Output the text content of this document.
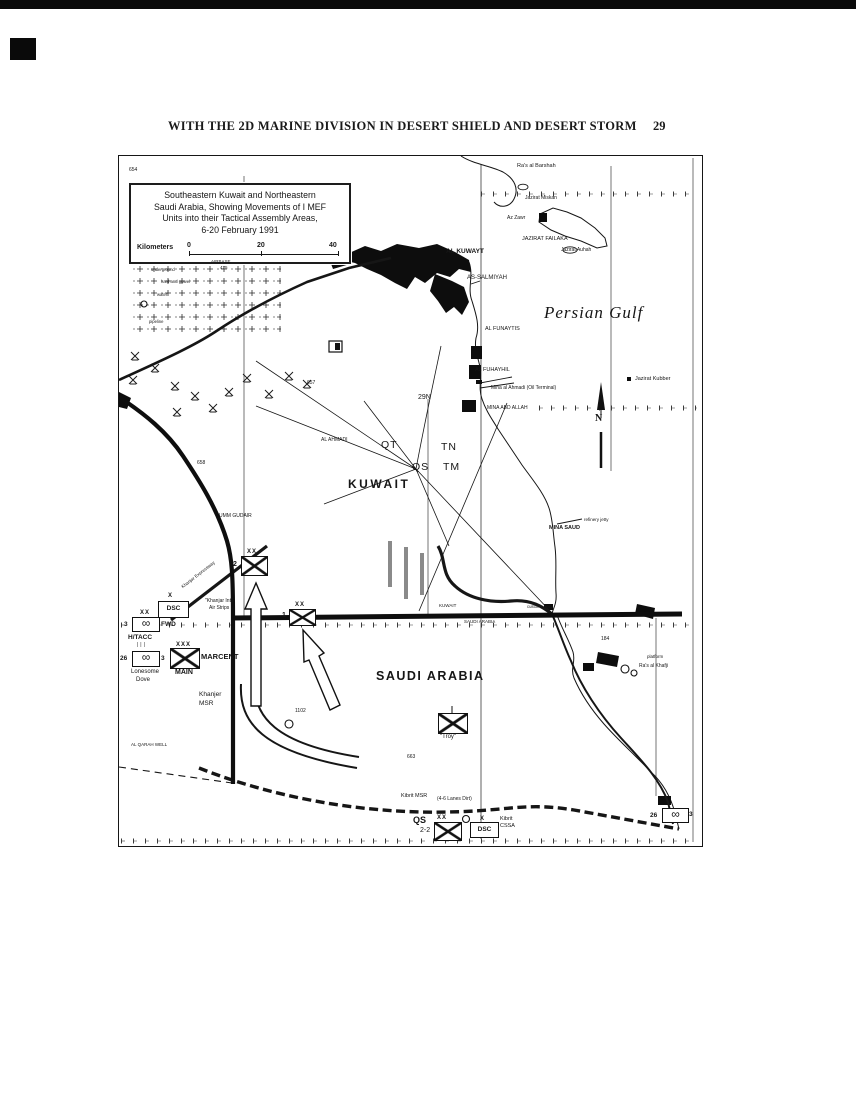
WITH THE 2D MARINE DIVISION IN DESERT SHIELD AND DESERT STORM 29
Southeastern Kuwait and Northeastern
Saudi Arabia, Showing Movements of I MEF
Units into their Tactical Assembly Areas,
6-20 February 1991
Kilometers 0	20	40
Persian Gulf
KUWAIT
SAUDI ARABIA
KUWAIT
SAUDI ARABIA
QT	TN
QS TM
29N
N
AL KUWAYT
AS-SALMIYAH
Ra's al Barshah
Jazirat Miskan
Az Zawr
JAZIRAT FAILAKA
Jazirat Auhah
Jazirat Kubber
AL FUNAYTIS
AL FUHAYHIL
Mina al Ahmadi (Oil Terminal)
MINA ABD ALLAH
MINA SAUD
refinery jetty
AL AHMADI
UMM GUDAIR
Ra's al Khafji
platform
customs post
AL QARAH WELL
AIRBASE
475
"Khanjar Int'l
Air Strips
Khanjer
MSR
Khanjar Expressway
Kibrit MSR (4-6 Lanes Dirt)
underground
hard and gravel
water
pipeline
654
657
658
1102
663
184
X
DSC
XX
∞
3	FWD
H/TACC
|||
∞
26	3
Lonesome
Dove
XXX
MARCENT
MAIN
XX
2
XX
1
"Troy"
QS
2-2
XX	X
DSC
Kibrit
CSSA
26 ∞	3
